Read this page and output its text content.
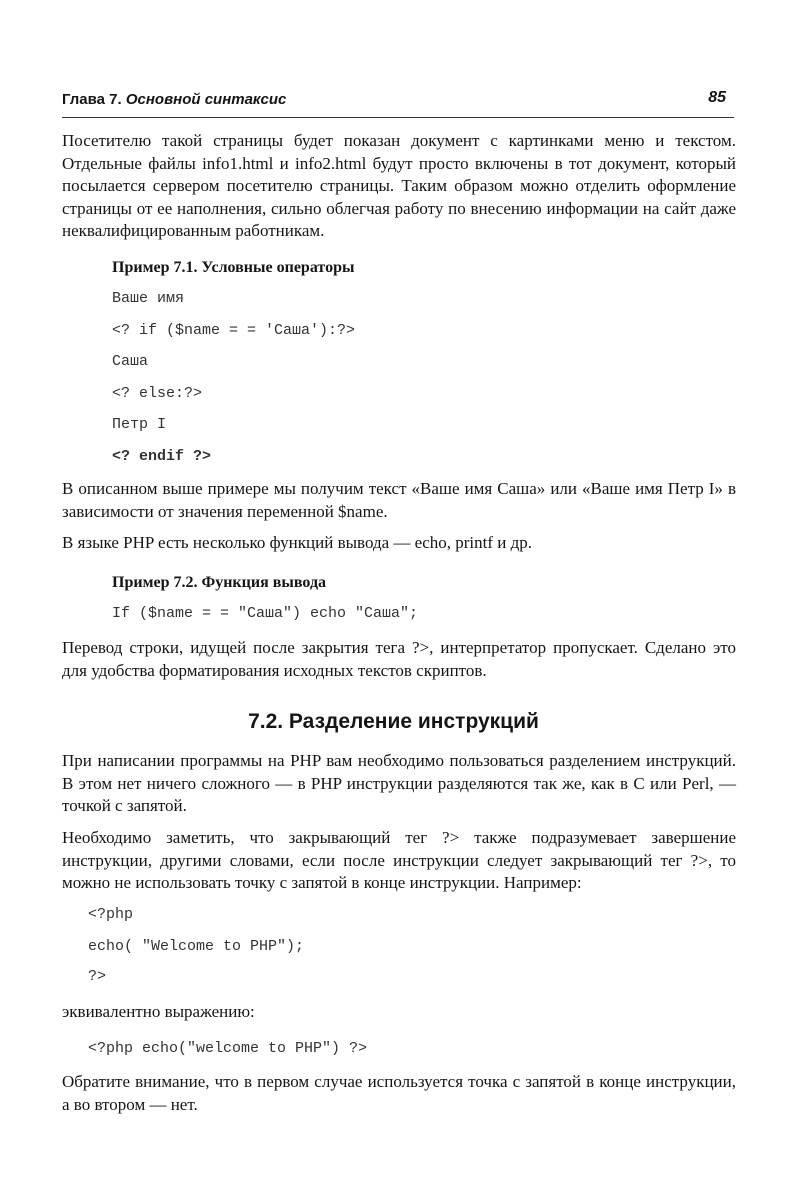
Глава 7. Основной синтаксис	85

Посетителю такой страницы будет показан документ с картинками меню и текстом. Отдельные файлы info1.html и info2.html будут просто включены в тот документ, который посылается сервером посетителю страницы. Таким образом можно отделить оформление страницы от ее наполнения, сильно облегчая работу по внесению информации на сайт даже неквалифицированным работникам.

Пример 7.1. Условные операторы

Ваше имя
<? if ($name = = 'Саша'):?>
Саша
<? else:?>
Петр I
<? endif ?>

В описанном выше примере мы получим текст «Ваше имя Саша» или «Ваше имя Петр I» в зависимости от значения переменной $name.

В языке PHP есть несколько функций вывода — echo, printf и др.

Пример 7.2. Функция вывода

If ($name = = "Саша") echo "Саша";

Перевод строки, идущей после закрытия тега ?>, интерпретатор пропускает. Сделано это для удобства форматирования исходных текстов скриптов.

7.2. Разделение инструкций

При написании программы на PHP вам необходимо пользоваться разделением инструкций. В этом нет ничего сложного — в PHP инструкции разделяются так же, как в C или Perl, — точкой с запятой.

Необходимо заметить, что закрывающий тег ?> также подразумевает завершение инструкции, другими словами, если после инструкции следует закрывающий тег ?>, то можно не использовать точку с запятой в конце инструкции. Например:

<?php
echo( "Welcome to PHP");
?>

эквивалентно выражению:

<?php echo("welcome to PHP") ?>

Обратите внимание, что в первом случае используется точка с запятой в конце инструкции, а во втором — нет.
